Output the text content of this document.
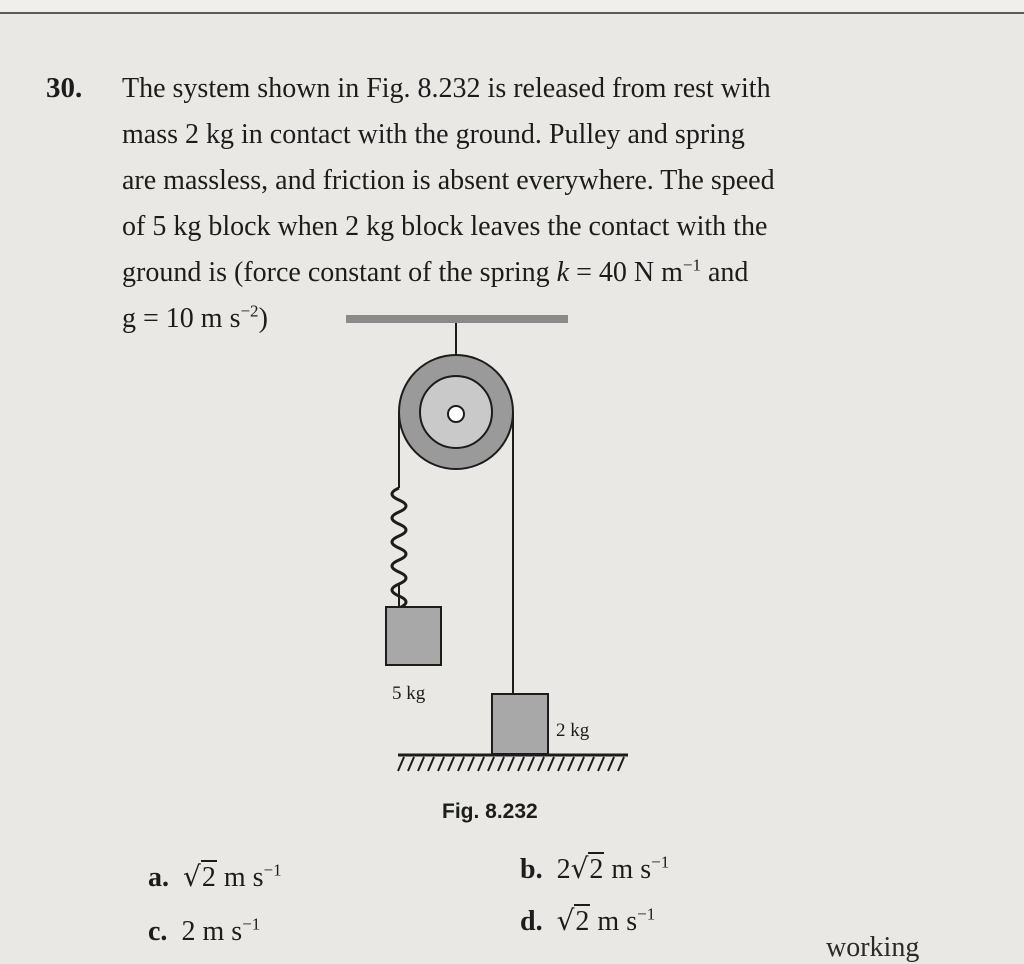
30. The system shown in Fig. 8.232 is released from rest with
mass 2 kg in contact with the ground. Pulley and spring
are massless, and friction is absent everywhere. The speed
of 5 kg block when 2 kg block leaves the contact with the
ground is (force constant of the spring k = 40 N $m^{-1}$ and
g = 10 m $s^{-2}$)
5 kg
2 kg
Fig. 8.232
a. √2 m $s^{-1}$	b. 2√2 m $s^{-1}$
c. 2 m $s^{-1}$	d. √2 m $s^{-1}$
working
